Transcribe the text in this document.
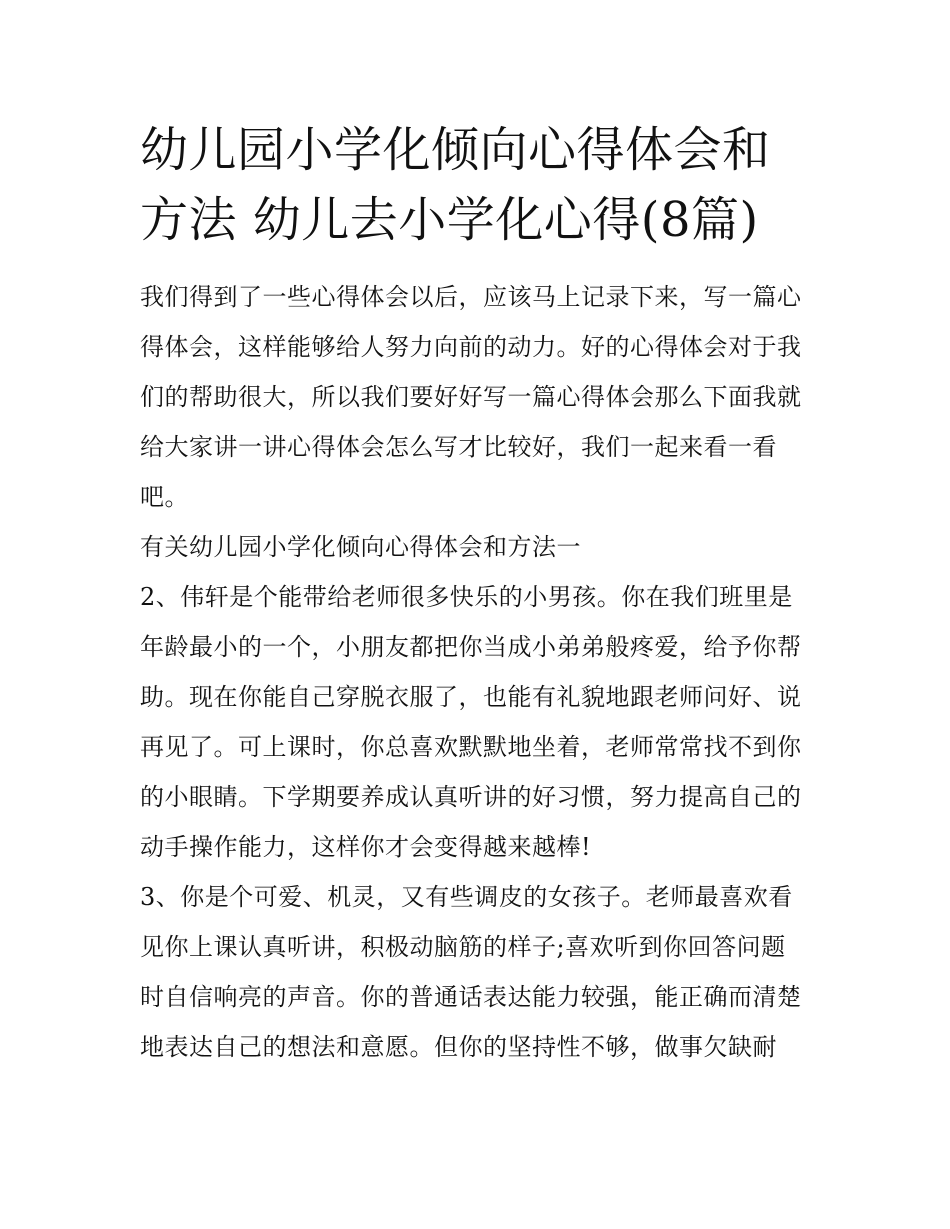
幼儿园小学化倾向心得体会和
方法 幼儿去小学化心得(8篇)

我们得到了一些心得体会以后，应该马上记录下来，写一篇心
得体会，这样能够给人努力向前的动力。好的心得体会对于我
们的帮助很大，所以我们要好好写一篇心得体会那么下面我就
给大家讲一讲心得体会怎么写才比较好，我们一起来看一看
吧。

有关幼儿园小学化倾向心得体会和方法一

2、伟轩是个能带给老师很多快乐的小男孩。你在我们班里是
年龄最小的一个，小朋友都把你当成小弟弟般疼爱，给予你帮
助。现在你能自己穿脱衣服了，也能有礼貌地跟老师问好、说
再见了。可上课时，你总喜欢默默地坐着，老师常常找不到你
的小眼睛。下学期要养成认真听讲的好习惯，努力提高自己的
动手操作能力，这样你才会变得越来越棒!

3、你是个可爱、机灵，又有些调皮的女孩子。老师最喜欢看
见你上课认真听讲，积极动脑筋的样子;喜欢听到你回答问题
时自信响亮的声音。你的普通话表达能力较强，能正确而清楚
地表达自己的想法和意愿。但你的坚持性不够，做事欠缺耐
